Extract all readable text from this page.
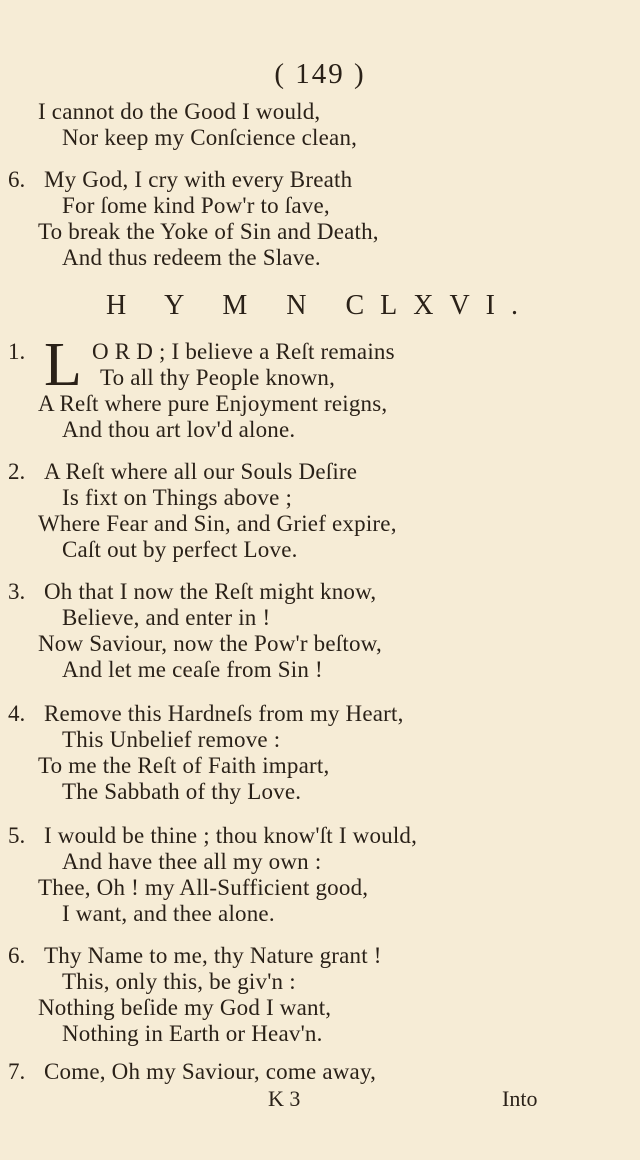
( 149 )
I cannot do the Good I would,
Nor keep my Conſcience clean,
6. My God, I cry with every Breath
For ſome kind Pow'r to ſave,
To break the Yoke of Sin and Death,
And thus redeem the Slave.
H Y M N CLXVI.
1. L O R D ; I believe a Reſt remains
To all thy People known,
A Reſt where pure Enjoyment reigns,
And thou art lov'd alone.
2. A Reſt where all our Souls Deſire
Is fixt on Things above ;
Where Fear and Sin, and Grief expire,
Caſt out by perfect Love.
3. Oh that I now the Reſt might know,
Believe, and enter in !
Now Saviour, now the Pow'r beſtow,
And let me ceaſe from Sin !
4. Remove this Hardneſs from my Heart,
This Unbelief remove :
To me the Reſt of Faith impart,
The Sabbath of thy Love.
5. I would be thine ; thou know'ſt I would,
And have thee all my own :
Thee, Oh ! my All-Sufficient good,
I want, and thee alone.
6. Thy Name to me, thy Nature grant !
This, only this, be giv'n :
Nothing beſide my God I want,
Nothing in Earth or Heav'n.
7. Come, Oh my Saviour, come away,
K 3	Into
